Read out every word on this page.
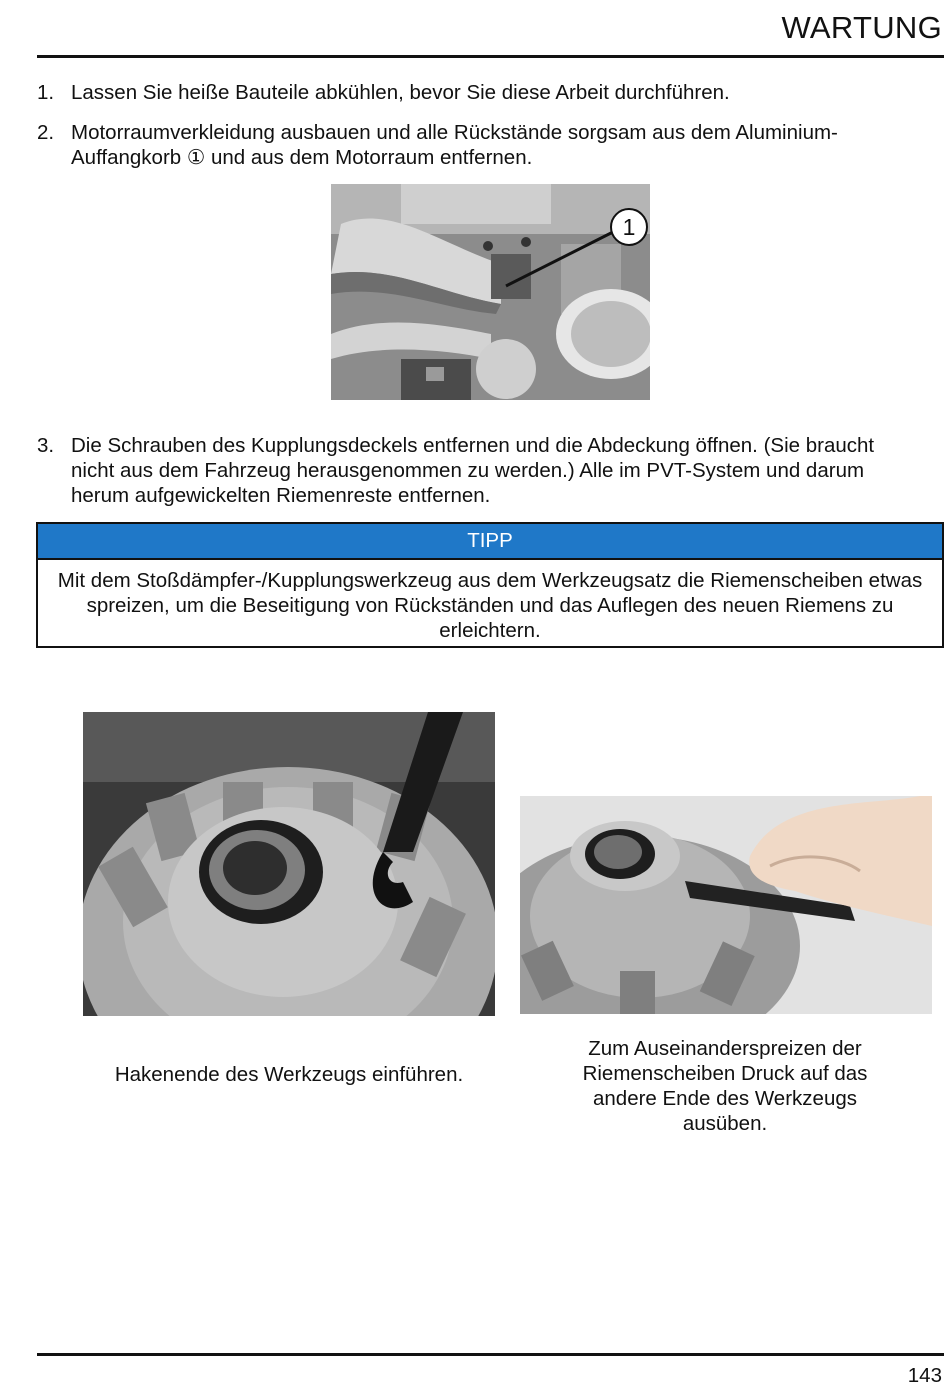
WARTUNG
1. Lassen Sie heiße Bauteile abkühlen, bevor Sie diese Arbeit durchführen.
2. Motorraumverkleidung ausbauen und alle Rückstände sorgsam aus dem Aluminium-Auffangkorb ① und aus dem Motorraum entfernen.
1
3. Die Schrauben des Kupplungsdeckels entfernen und die Abdeckung öffnen. (Sie braucht nicht aus dem Fahrzeug herausgenommen zu werden.) Alle im PVT-System und darum herum aufgewickelten Riemenreste entfernen.
TIPP
Mit dem Stoßdämpfer-/Kupplungswerkzeug aus dem Werkzeugsatz die Riemenscheiben etwas spreizen, um die Beseitigung von Rückständen und das Auflegen des neuen Riemens zu erleichtern.
Hakenende des Werkzeugs einführen.
Zum Auseinanderspreizen der Riemenscheiben Druck auf das andere Ende des Werkzeugs ausüben.
143
